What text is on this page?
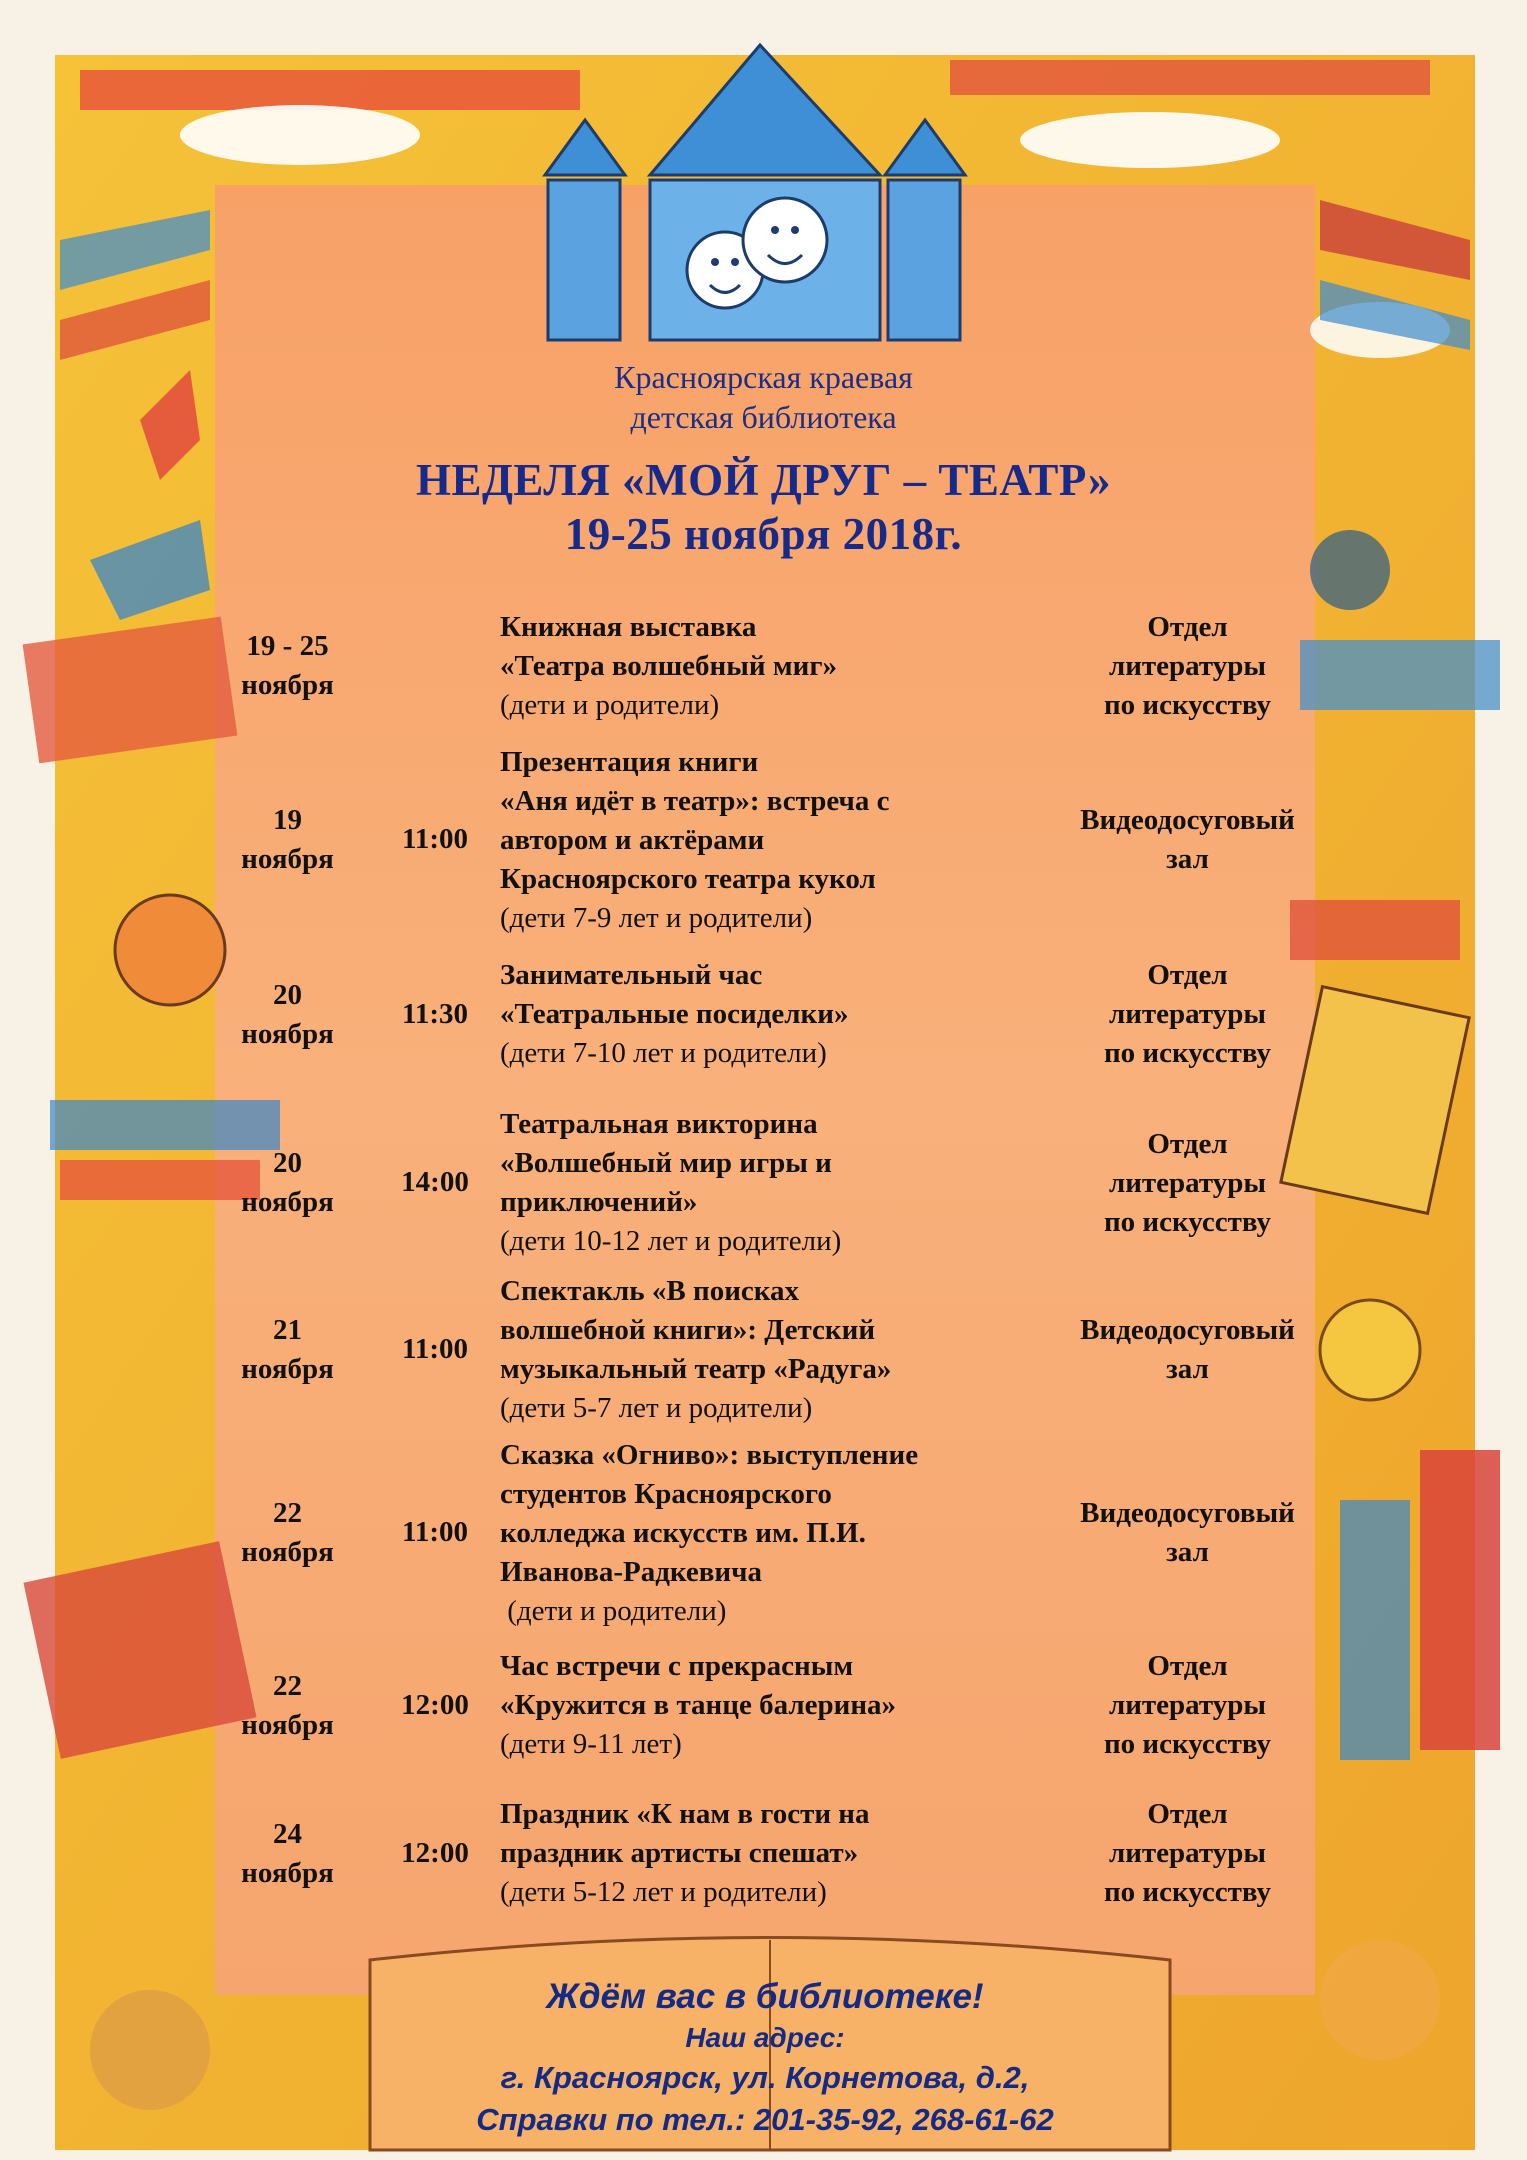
Красноярская краевая
детская библиотека
НЕДЕЛЯ «МОЙ ДРУГ – ТЕАТР»
19-25 ноября 2018г.
19 - 25
ноября
Книжная выставка
«Театра волшебный миг»
(дети и родители)
Отдел
литературы
по искусству
19
ноября
11:00
Презентация книги
«Аня идёт в театр»: встреча с
автором и актёрами
Красноярского театра кукол
(дети 7-9 лет и родители)
Видеодосуговый
зал
20
ноября
11:30
Занимательный час
«Театральные посиделки»
(дети 7-10 лет и родители)
Отдел
литературы
по искусству
20
ноября
14:00
Театральная викторина
«Волшебный мир игры и
приключений»
(дети 10-12 лет и родители)
Отдел
литературы
по искусству
21
ноября
11:00
Спектакль «В поисках
волшебной книги»: Детский
музыкальный театр «Радуга»
(дети 5-7 лет и родители)
Видеодосуговый
зал
22
ноября
11:00
Сказка «Огниво»: выступление
студентов Красноярского
колледжа искусств им. П.И.
Иванова-Радкевича
(дети и родители)
Видеодосуговый
зал
22
ноября
12:00
Час встречи с прекрасным
«Кружится в танце балерина»
(дети 9-11 лет)
Отдел
литературы
по искусству
24
ноября
12:00
Праздник «К нам в гости на
праздник артисты спешат»
(дети 5-12 лет и родители)
Отдел
литературы
по искусству
Ждём вас в библиотеке!
Наш адрес:
г. Красноярск, ул. Корнетова, д.2,
Справки по тел.: 201-35-92, 268-61-62
